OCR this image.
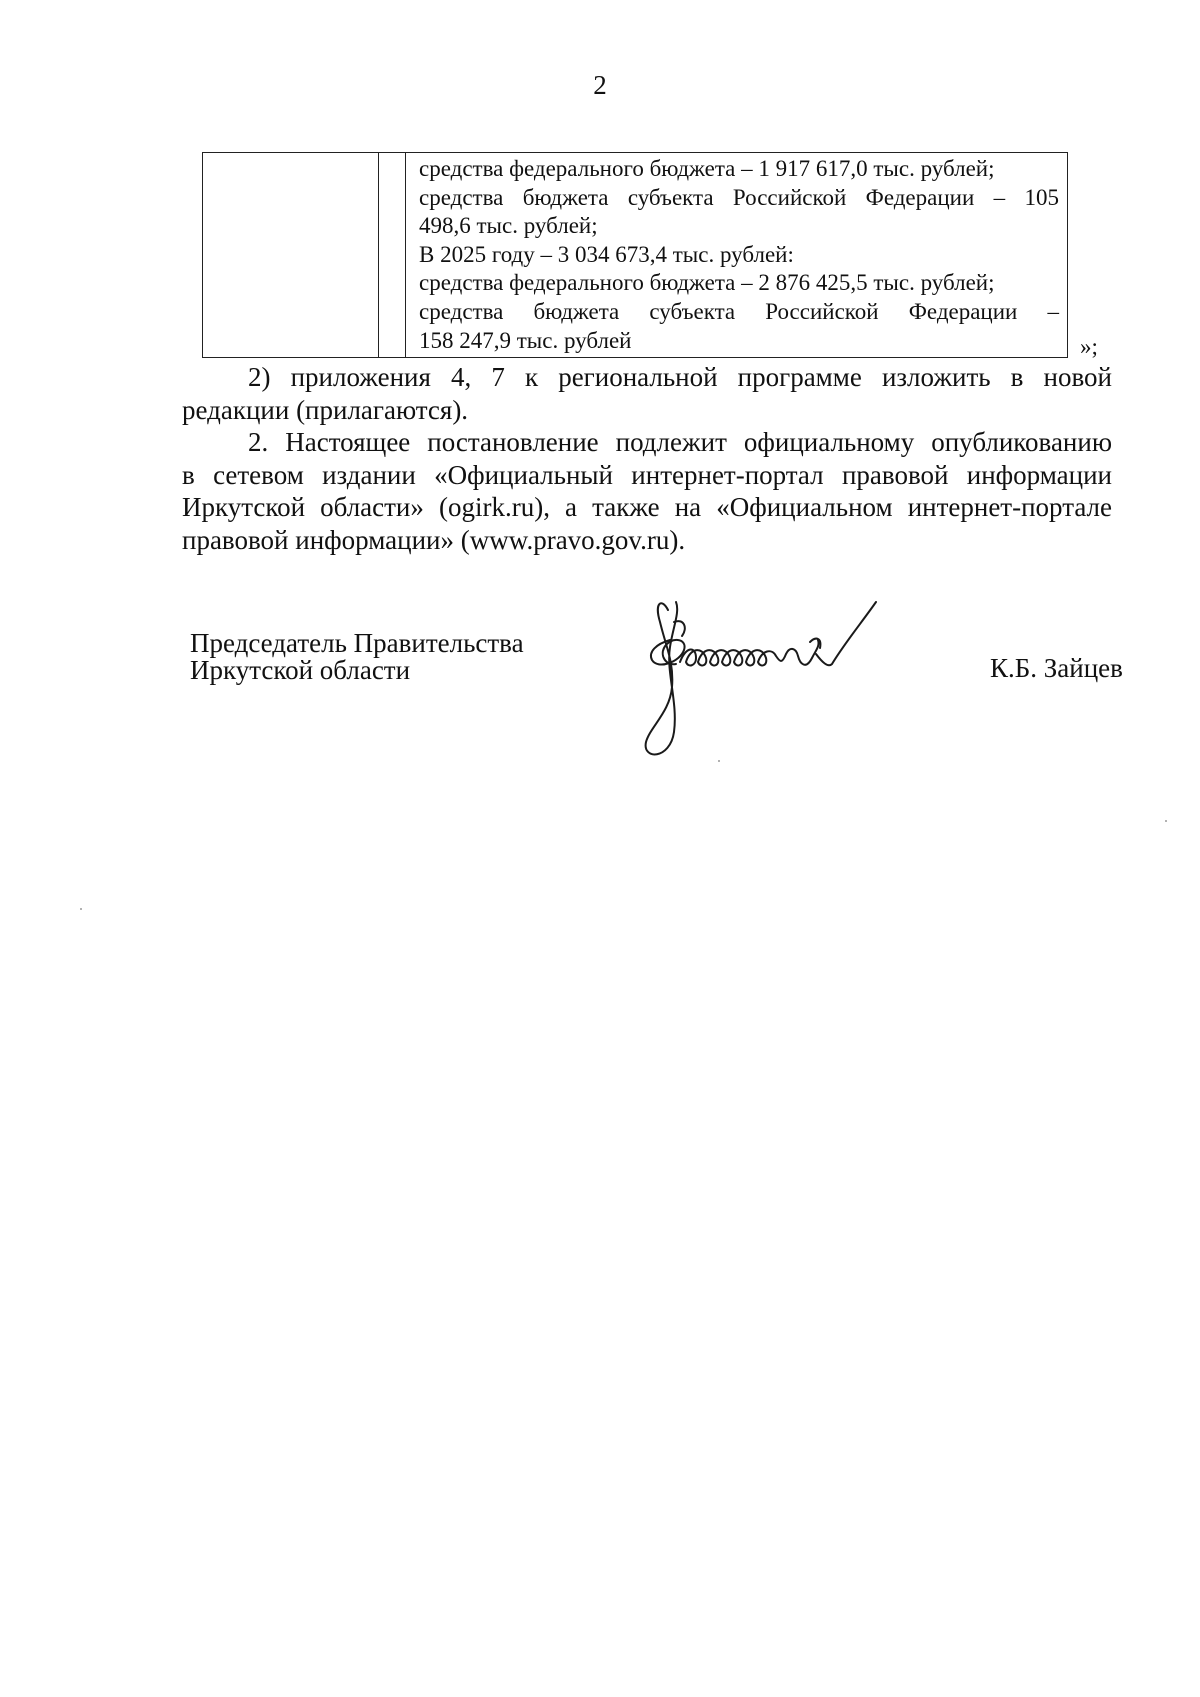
2
средства федерального бюджета – 1 917 617,0 тыс. рублей;
средства бюджета субъекта Российской Федерации – 105
498,6 тыс. рублей;
В 2025 году – 3 034 673,4 тыс. рублей:
средства федерального бюджета – 2 876 425,5 тыс. рублей;
средства бюджета субъекта Российской Федерации –
158 247,9 тыс. рублей	»;
2) приложения 4, 7 к региональной программе изложить в новой
редакции (прилагаются).
2. Настоящее постановление подлежит официальному опубликованию
в сетевом издании «Официальный интернет-портал правовой информации
Иркутской области» (ogirk.ru), а также на «Официальном интернет-портале
правовой информации» (www.pravo.gov.ru).
Председатель Правительства
Иркутской области	К.Б. Зайцев
